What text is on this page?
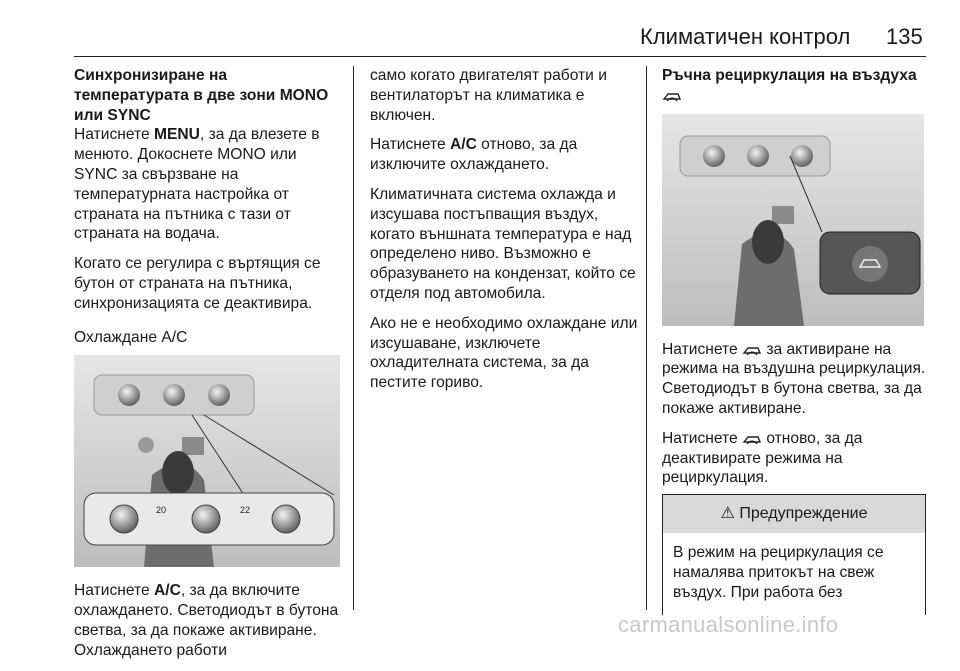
Климатичен контрол 135
Синхронизиране на температурата в две зони MONO или SYNC

Натиснете MENU, за да влезете в менюто. Докоснете MONO или SYNC за свързване на температурната настройка от страната на пътника с тази от страната на водача.

Когато се регулира с въртящия се бутон от страната на пътника, синхронизацията се деактивира.

Охлаждане A/C
20	22

Натиснете A/C, за да включите охлаждането. Светодиодът в бутона светва, за да покаже активиране. Охлаждането работи

само когато двигателят работи и вентилаторът на климатика е включен.

Натиснете A/C отново, за да изключите охлаждането.

Климатичната система охлажда и изсушава постъпващия въздух, когато външната температура е над определено ниво. Възможно е образуването на кондензат, който се отделя под автомобила.

Ако не е необходимо охлаждане или изсушаване, изключете охладителната система, за да пестите гориво.

Ръчна рециркулация на въздуха

Натиснете  за активиране на режима на въздушна рециркулация. Светодиодът в бутона светва, за да покаже активиране.

Натиснете  отново, за да деактивирате режима на рециркулация.

⚠ Предупреждение
В режим на рециркулация се намалява притокът на свеж въздух. При работа без
carmanualsonline.info
